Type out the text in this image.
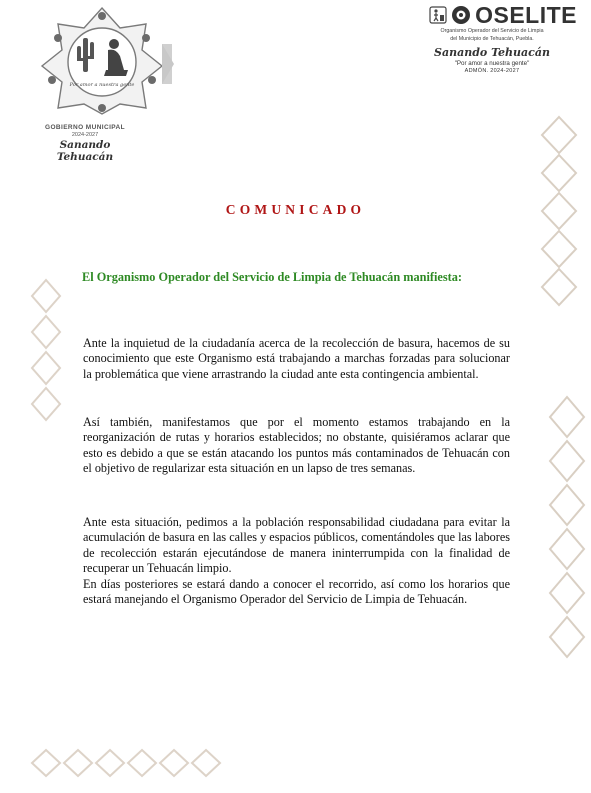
Por amor a nuestra gente
GOBIERNO MUNICIPAL
2024-2027
Sanando Tehuacán
OSELITE
Organismo Operador del Servicio de Limpia
del Municipio de Tehuacán, Puebla.
Sanando Tehuacán
"Por amor a nuestra gente"
ADMÓN. 2024-2027
COMUNICADO
El Organismo Operador del Servicio de Limpia de Tehuacán manifiesta:

Ante la inquietud de la ciudadanía acerca de la recolección de basura, hacemos de su conocimiento que este Organismo está trabajando a marchas forzadas para solucionar la problemática que viene arrastrando la ciudad ante esta contingencia ambiental.

Así también, manifestamos que por el momento estamos trabajando en la reorganización de rutas y horarios establecidos; no obstante, quisiéramos aclarar que esto es debido a que se están atacando los puntos más contaminados de Tehuacán con el objetivo de regularizar esta situación en un lapso de tres semanas.

Ante esta situación, pedimos a la población responsabilidad ciudadana para evitar la acumulación de basura en las calles y espacios públicos, comentándoles que las labores de recolección estarán ejecutándose de manera ininterrumpida con la finalidad de recuperar un Tehuacán limpio.

En días posteriores se estará dando a conocer el recorrido, así como los horarios que estará manejando el Organismo Operador del Servicio de Limpia de Tehuacán.
